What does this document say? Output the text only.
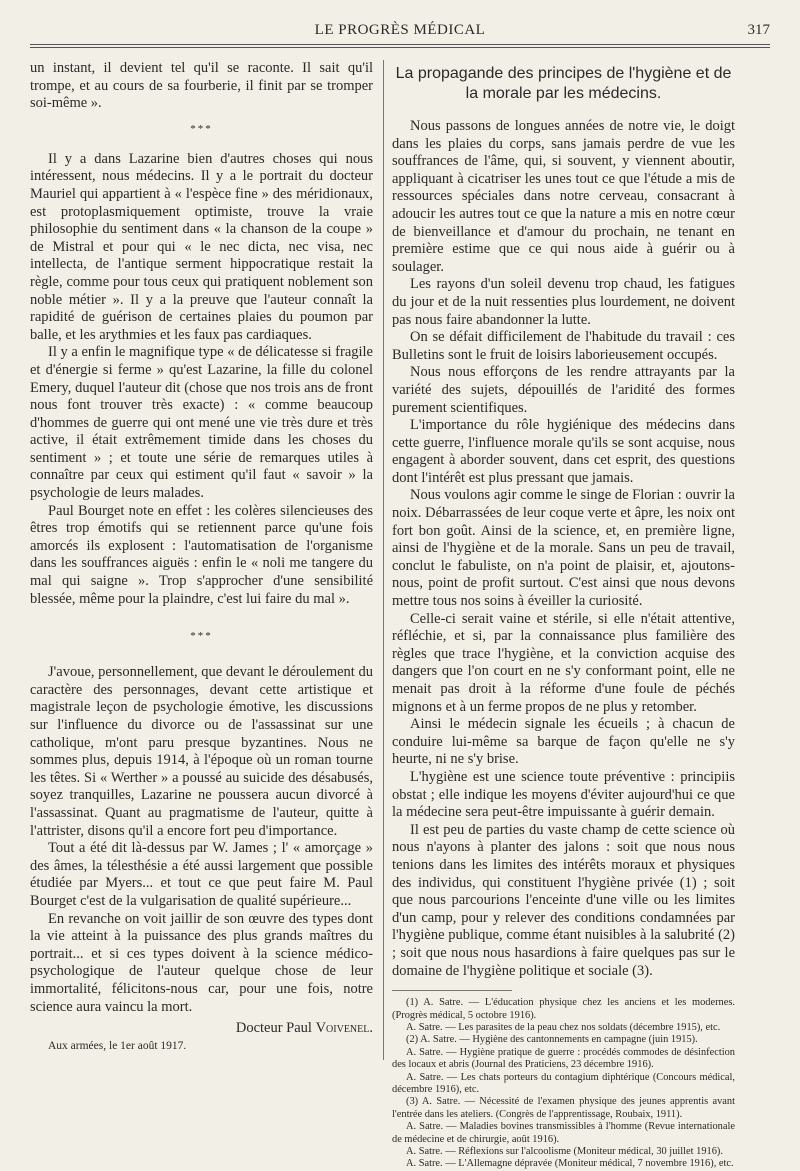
LE PROGRÈS MÉDICAL	317

un instant, il devient tel qu'il se raconte. Il sait qu'il trompe, et au cours de sa fourberie, il finit par se tromper soi-même ».

***

Il y a dans Lazarine bien d'autres choses qui nous intéressent, nous médecins. Il y a le portrait du docteur Mauriel qui appartient à « l'espèce fine » des méridionaux, est protoplasmiquement optimiste, trouve la vraie philosophie du sentiment dans « la chanson de la coupe » de Mistral et pour qui « le nec dicta, nec visa, nec intellecta, de l'antique serment hippocratique restait la règle, comme pour tous ceux qui pratiquent noblement son noble métier ». Il y a la preuve que l'auteur connaît la rapidité de guérison de certaines plaies du poumon par balle, et les arythmies et les faux pas cardiaques.

Il y a enfin le magnifique type « de délicatesse si fragile et d'énergie si ferme » qu'est Lazarine, la fille du colonel Emery, duquel l'auteur dit (chose que nos trois ans de front nous font trouver très exacte) : « comme beaucoup d'hommes de guerre qui ont mené une vie très dure et très active, il était extrêmement timide dans les choses du sentiment » ; et toute une série de remarques utiles à connaître par ceux qui estiment qu'il faut « savoir » la psychologie de leurs malades.

Paul Bourget note en effet : les colères silencieuses des êtres trop émotifs qui se retiennent parce qu'une fois amorcés ils explosent : l'automatisation de l'organisme dans les souffrances aiguës : enfin le « noli me tangere du mal qui saigne ». Trop s'approcher d'une sensibilité blessée, même pour la plaindre, c'est lui faire du mal ».

***

J'avoue, personnellement, que devant le déroulement du caractère des personnages, devant cette artistique et magistrale leçon de psychologie émotive, les discussions sur l'influence du divorce ou de l'assassinat sur une catholique, m'ont paru presque byzantines. Nous ne sommes plus, depuis 1914, à l'époque où un roman tourne les têtes. Si « Werther » a poussé au suicide des désabusés, soyez tranquilles, Lazarine ne poussera aucun divorcé à l'assassinat. Quant au pragmatisme de l'auteur, quitte à l'attrister, disons qu'il a encore fort peu d'importance.

Tout a été dit là-dessus par W. James ; l' « amorçage » des âmes, la télesthésie a été aussi largement que possible étudiée par Myers... et tout ce que peut faire M. Paul Bourget c'est de la vulgarisation de qualité supérieure...

En revanche on voit jaillir de son œuvre des types dont la vie atteint à la puissance des plus grands maîtres du portrait... et si ces types doivent à la science médico-psychologique de l'auteur quelque chose de leur immortalité, félicitons-nous car, pour une fois, notre science aura vaincu la mort.

Docteur Paul Voivenel.

Aux armées, le 1er août 1917.

La propagande des principes de l'hygiène et de la morale par les médecins.

Nous passons de longues années de notre vie, le doigt dans les plaies du corps, sans jamais perdre de vue les souffrances de l'âme, qui, si souvent, y viennent aboutir, appliquant à cicatriser les unes tout ce que l'étude a mis de ressources spéciales dans notre cerveau, consacrant à adoucir les autres tout ce que la nature a mis en notre cœur de bienveillance et d'amour du prochain, ne tenant en première estime que ce qui nous aide à guérir ou à soulager.

Les rayons d'un soleil devenu trop chaud, les fatigues du jour et de la nuit ressenties plus lourdement, ne doivent pas nous faire abandonner la lutte.

On se défait difficilement de l'habitude du travail : ces Bulletins sont le fruit de loisirs laborieusement occupés.

Nous nous efforçons de les rendre attrayants par la variété des sujets, dépouillés de l'aridité des formes purement scientifiques.

L'importance du rôle hygiénique des médecins dans cette guerre, l'influence morale qu'ils se sont acquise, nous engagent à aborder souvent, dans cet esprit, des questions dont l'intérêt est plus pressant que jamais.

Nous voulons agir comme le singe de Florian : ouvrir la noix. Débarrassées de leur coque verte et âpre, les noix ont fort bon goût. Ainsi de la science, et, en première ligne, ainsi de l'hygiène et de la morale. Sans un peu de travail, conclut le fabuliste, on n'a point de plaisir, et, ajoutons-nous, point de profit surtout. C'est ainsi que nous devons mettre tous nos soins à éveiller la curiosité.

Celle-ci serait vaine et stérile, si elle n'était attentive, réfléchie, et si, par la connaissance plus familière des règles que trace l'hygiène, et la conviction acquise des dangers que l'on court en ne s'y conformant point, elle ne menait pas droit à la réforme d'une foule de péchés mignons et à un ferme propos de ne plus y retomber.

Ainsi le médecin signale les écueils ; à chacun de conduire lui-même sa barque de façon qu'elle ne s'y heurte, ni ne s'y brise.

L'hygiène est une science toute préventive : principiis obstat ; elle indique les moyens d'éviter aujourd'hui ce que la médecine sera peut-être impuissante à guérir demain.

Il est peu de parties du vaste champ de cette science où nous n'ayons à planter des jalons : soit que nous nous tenions dans les limites des intérêts moraux et physiques des individus, qui constituent l'hygiène privée (1) ; soit que nous parcourions l'enceinte d'une ville ou les limites d'un camp, pour y relever des conditions condamnées par l'hygiène publique, comme étant nuisibles à la salubrité (2) ; soit que nous nous hasardions à faire quelques pas sur le domaine de l'hygiène politique et sociale (3).

(1) A. Satre. — L'éducation physique chez les anciens et les modernes. (Progrès médical, 5 octobre 1916).

A. Satre. — Les parasites de la peau chez nos soldats (décembre 1915), etc.

(2) A. Satre. — Hygiène des cantonnements en campagne (juin 1915).

A. Satre. — Hygiène pratique de guerre : procédés commodes de désinfection des locaux et abris (Journal des Praticiens, 23 décembre 1916).

A. Satre. — Les chats porteurs du contagium diphtérique (Concours médical, décembre 1916), etc.

(3) A. Satre. — Nécessité de l'examen physique des jeunes apprentis avant l'entrée dans les ateliers. (Congrès de l'apprentissage, Roubaix, 1911).

A. Satre. — Maladies bovines transmissibles à l'homme (Revue internationale de médecine et de chirurgie, août 1916).

A. Satre. — Réflexions sur l'alcoolisme (Moniteur médical, 30 juillet 1916).

A. Satre. — L'Allemagne dépravée (Moniteur médical, 7 novembre 1916), etc.
